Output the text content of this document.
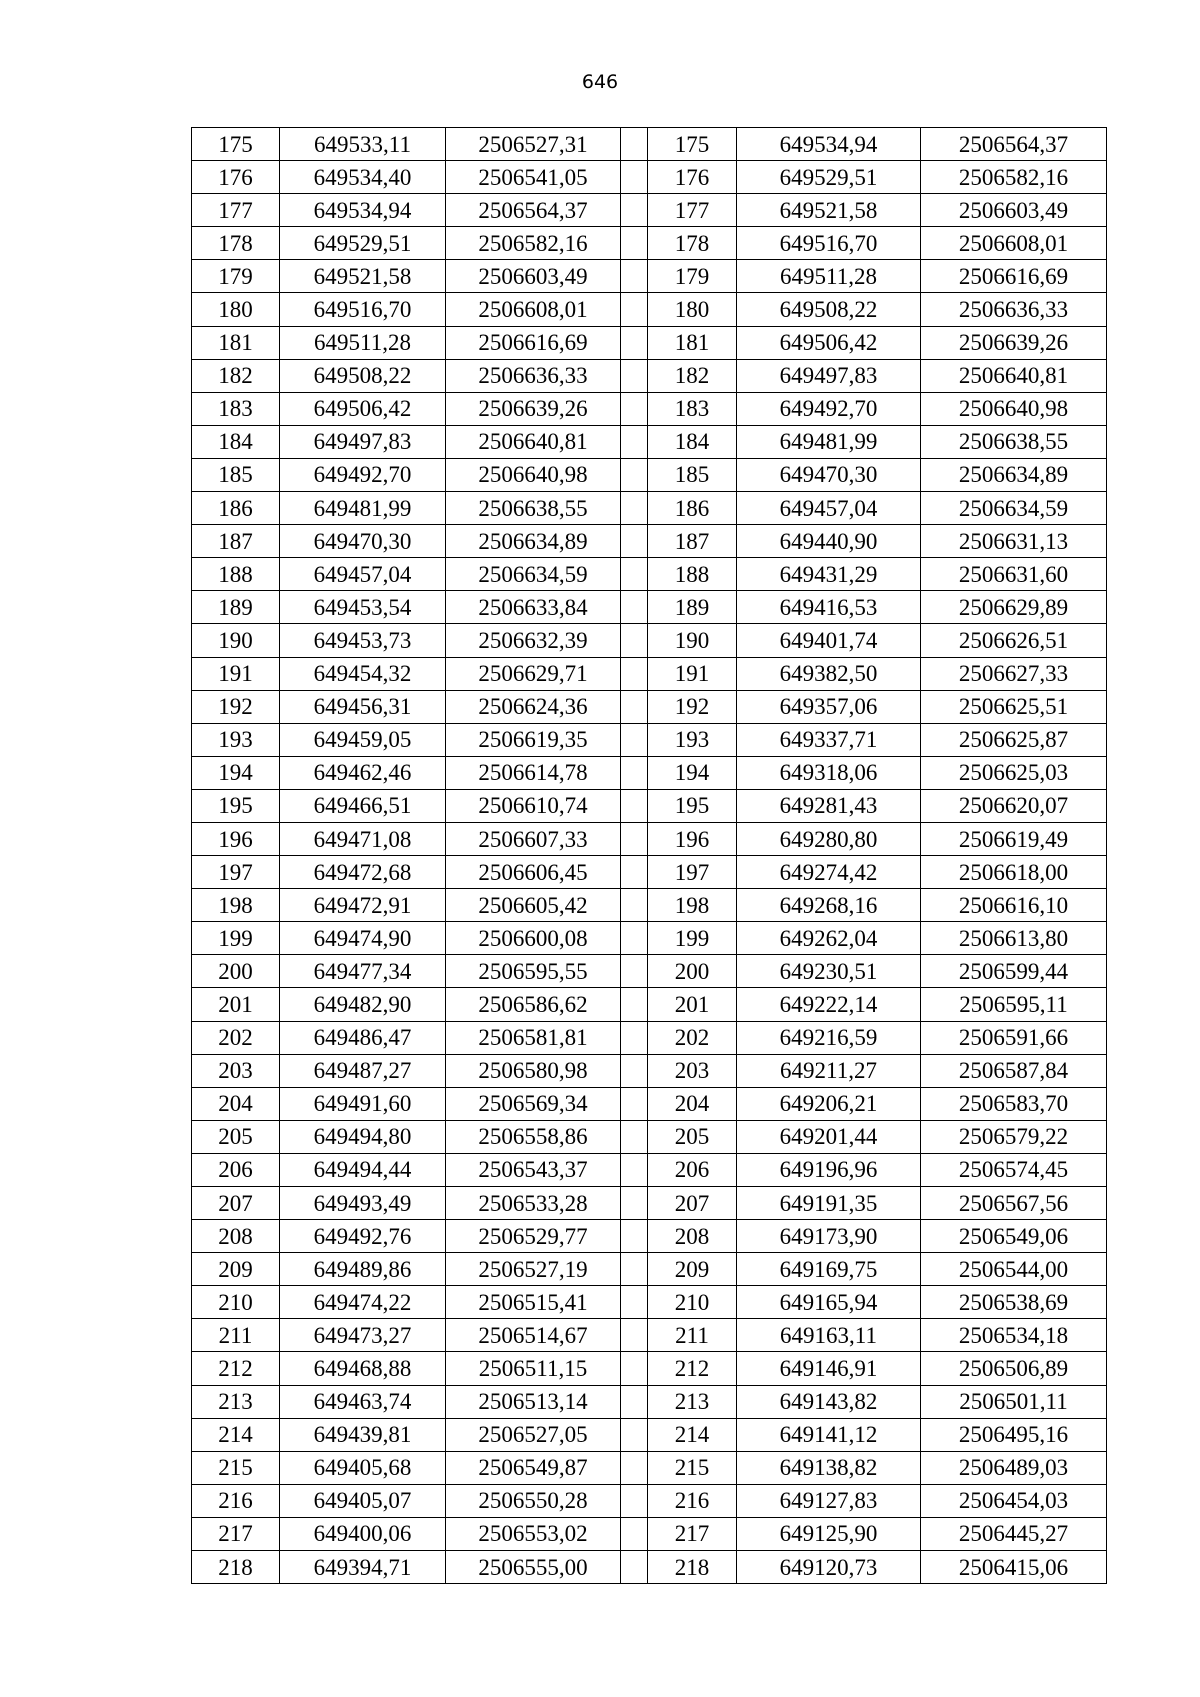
646
175	649533,11	2506527,31		175	649534,94	2506564,37
176	649534,40	2506541,05		176	649529,51	2506582,16
177	649534,94	2506564,37		177	649521,58	2506603,49
178	649529,51	2506582,16		178	649516,70	2506608,01
179	649521,58	2506603,49		179	649511,28	2506616,69
180	649516,70	2506608,01		180	649508,22	2506636,33
181	649511,28	2506616,69		181	649506,42	2506639,26
182	649508,22	2506636,33		182	649497,83	2506640,81
183	649506,42	2506639,26		183	649492,70	2506640,98
184	649497,83	2506640,81		184	649481,99	2506638,55
185	649492,70	2506640,98		185	649470,30	2506634,89
186	649481,99	2506638,55		186	649457,04	2506634,59
187	649470,30	2506634,89		187	649440,90	2506631,13
188	649457,04	2506634,59		188	649431,29	2506631,60
189	649453,54	2506633,84		189	649416,53	2506629,89
190	649453,73	2506632,39		190	649401,74	2506626,51
191	649454,32	2506629,71		191	649382,50	2506627,33
192	649456,31	2506624,36		192	649357,06	2506625,51
193	649459,05	2506619,35		193	649337,71	2506625,87
194	649462,46	2506614,78		194	649318,06	2506625,03
195	649466,51	2506610,74		195	649281,43	2506620,07
196	649471,08	2506607,33		196	649280,80	2506619,49
197	649472,68	2506606,45		197	649274,42	2506618,00
198	649472,91	2506605,42		198	649268,16	2506616,10
199	649474,90	2506600,08		199	649262,04	2506613,80
200	649477,34	2506595,55		200	649230,51	2506599,44
201	649482,90	2506586,62		201	649222,14	2506595,11
202	649486,47	2506581,81		202	649216,59	2506591,66
203	649487,27	2506580,98		203	649211,27	2506587,84
204	649491,60	2506569,34		204	649206,21	2506583,70
205	649494,80	2506558,86		205	649201,44	2506579,22
206	649494,44	2506543,37		206	649196,96	2506574,45
207	649493,49	2506533,28		207	649191,35	2506567,56
208	649492,76	2506529,77		208	649173,90	2506549,06
209	649489,86	2506527,19		209	649169,75	2506544,00
210	649474,22	2506515,41		210	649165,94	2506538,69
211	649473,27	2506514,67		211	649163,11	2506534,18
212	649468,88	2506511,15		212	649146,91	2506506,89
213	649463,74	2506513,14		213	649143,82	2506501,11
214	649439,81	2506527,05		214	649141,12	2506495,16
215	649405,68	2506549,87		215	649138,82	2506489,03
216	649405,07	2506550,28		216	649127,83	2506454,03
217	649400,06	2506553,02		217	649125,90	2506445,27
218	649394,71	2506555,00		218	649120,73	2506415,06
